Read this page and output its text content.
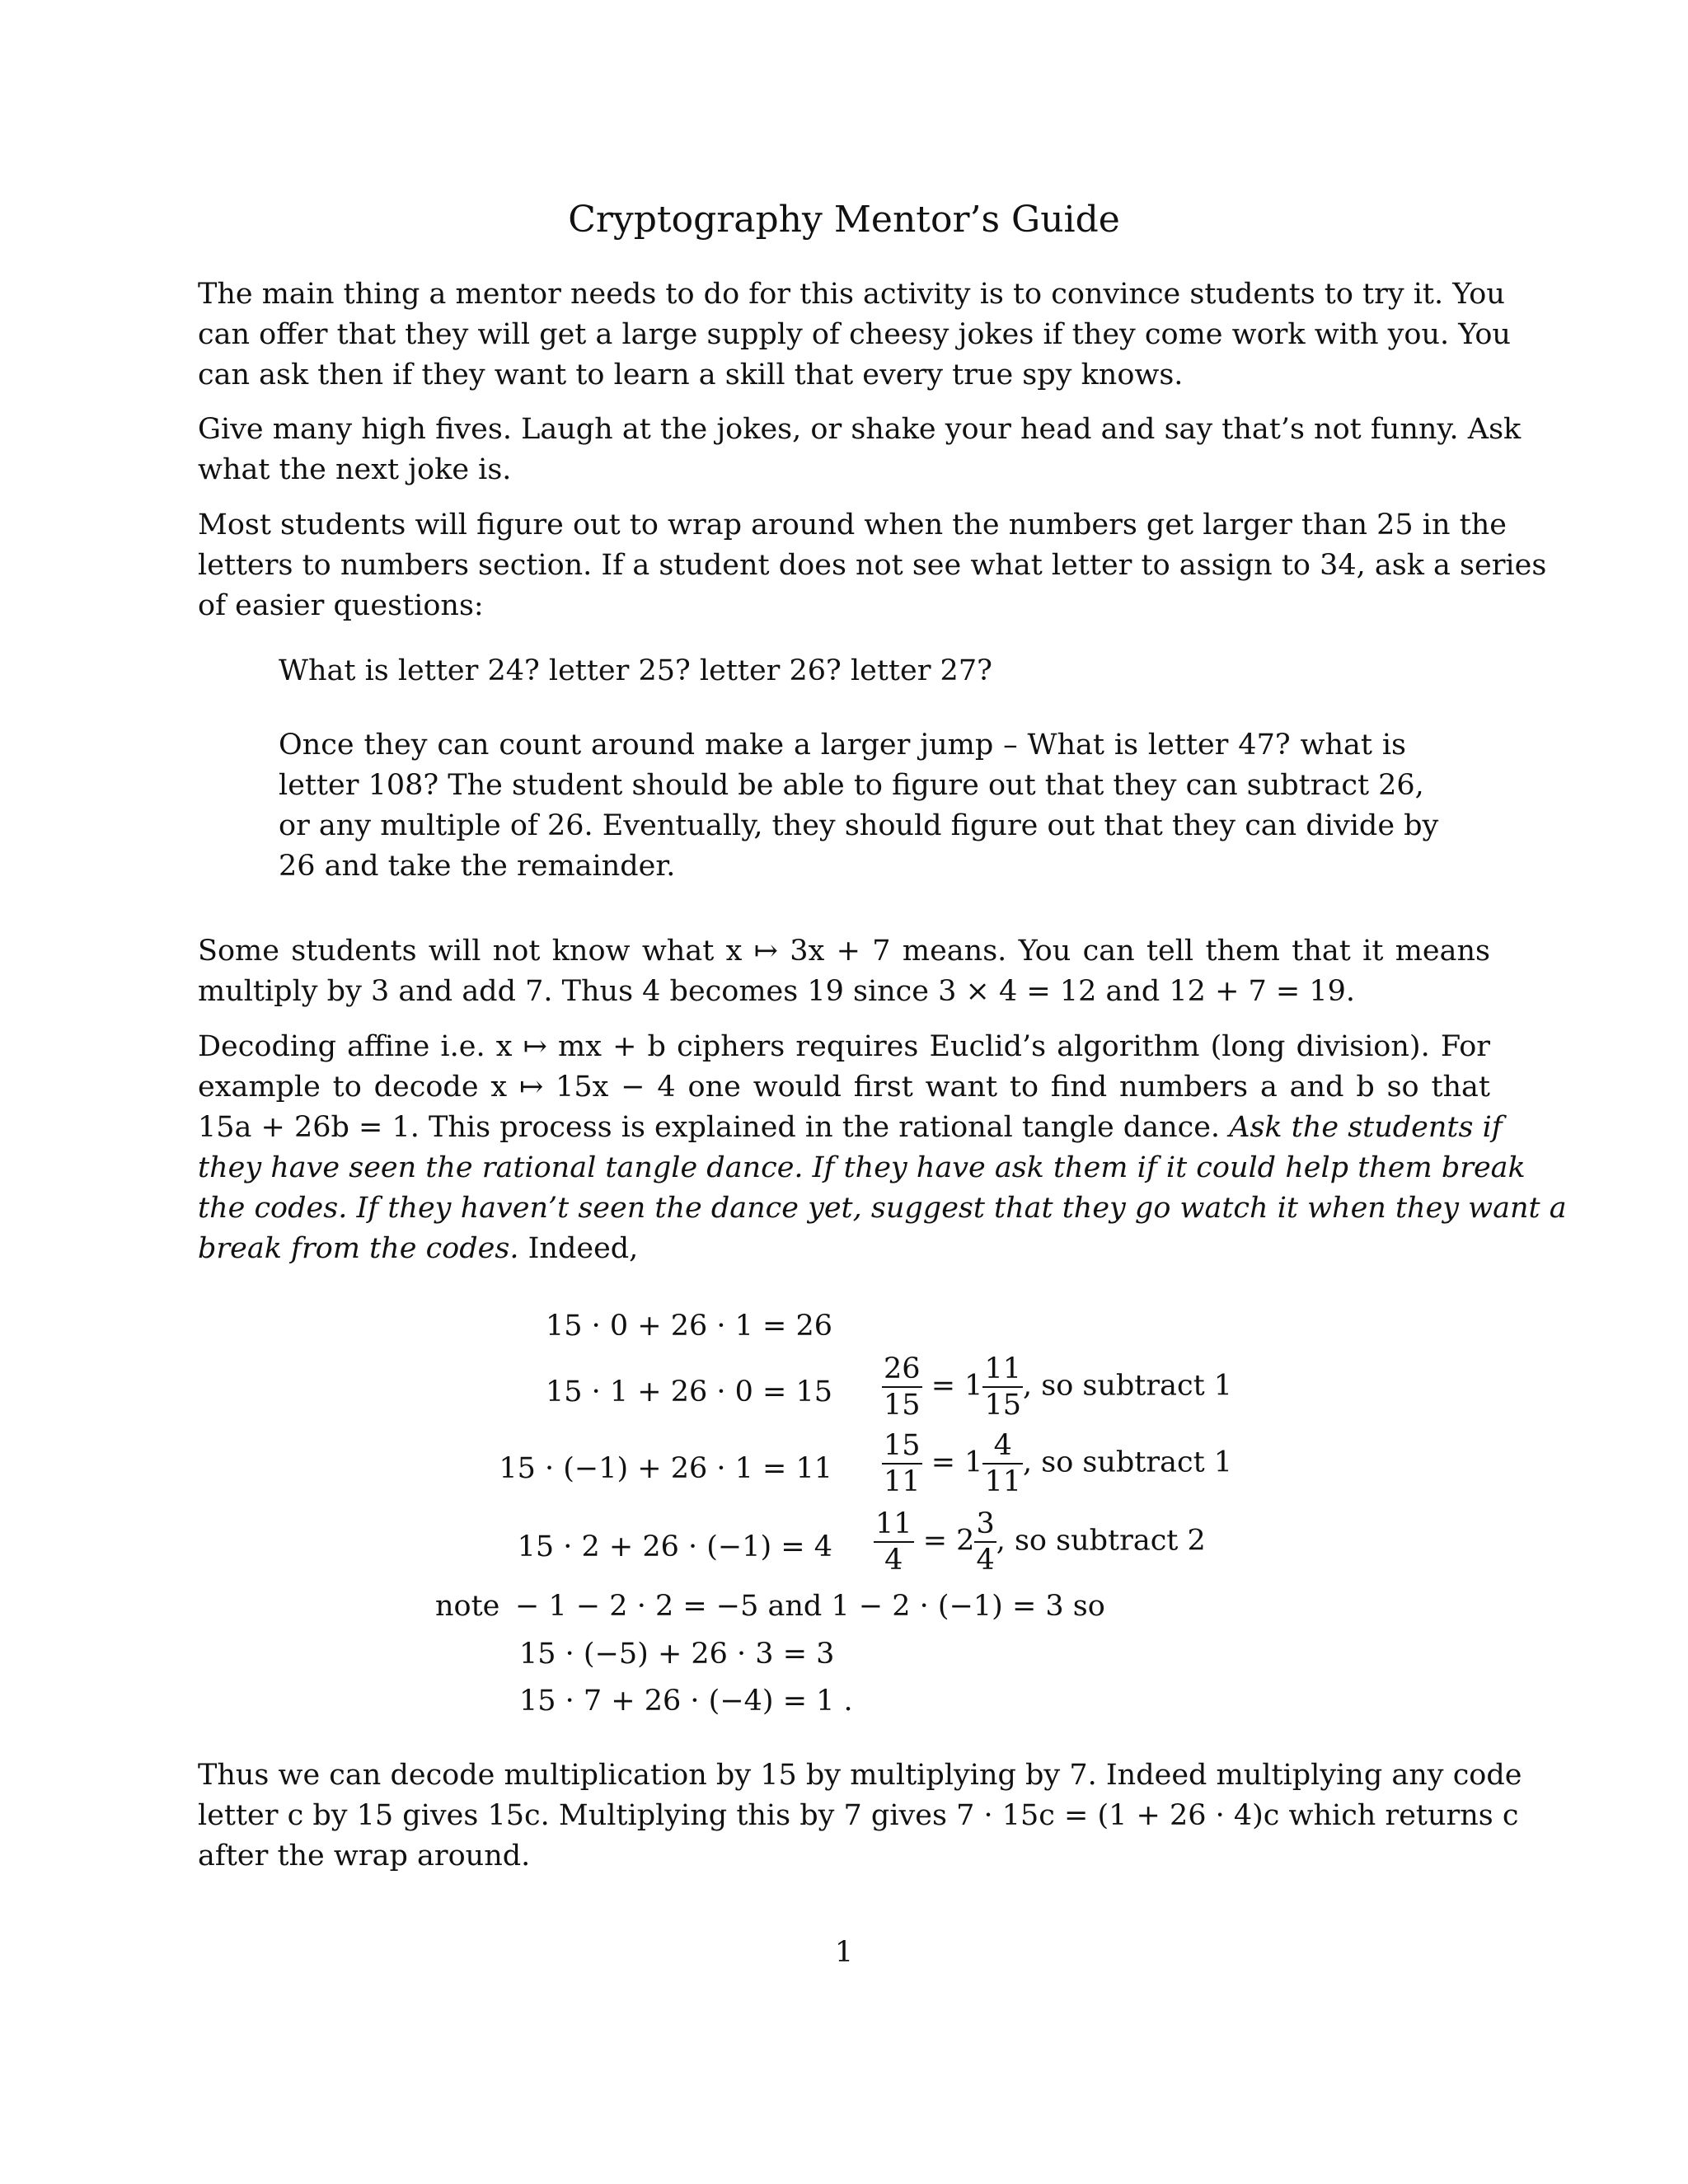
Cryptography Mentor’s Guide
The main thing a mentor needs to do for this activity is to convince students to try it. You
can offer that they will get a large supply of cheesy jokes if they come work with you. You
can ask then if they want to learn a skill that every true spy knows.
Give many high fives. Laugh at the jokes, or shake your head and say that’s not funny. Ask
what the next joke is.
Most students will figure out to wrap around when the numbers get larger than 25 in the
letters to numbers section. If a student does not see what letter to assign to 34, ask a series
of easier questions:
What is letter 24? letter 25? letter 26? letter 27?
Once they can count around make a larger jump – What is letter 47? what is
letter 108? The student should be able to figure out that they can subtract 26,
or any multiple of 26. Eventually, they should figure out that they can divide by
26 and take the remainder.
Some students will not know what x ↦ 3x + 7 means. You can tell them that it means
multiply by 3 and add 7. Thus 4 becomes 19 since 3 × 4 = 12 and 12 + 7 = 19.
Decoding affine i.e. x ↦ mx + b ciphers requires Euclid’s algorithm (long division). For
example to decode x ↦ 15x − 4 one would first want to find numbers a and b so that
15a + 26b = 1. This process is explained in the rational tangle dance. Ask the students if
they have seen the rational tangle dance. If they have ask them if it could help them break
the codes. If they haven’t seen the dance yet, suggest that they go watch it when they want a
break from the codes. Indeed,
15 · 0 + 26 · 1 = 26
$15 \cdot 1 + 26 \cdot 0 = 15 \frac{26}{15} = 1 \frac{11}{15}$ , so subtract 1
$15 \cdot (-1) + 26 \cdot 1 = 11 \frac{15}{11} = 1 \frac{4}{11}$ , so subtract 1
$15 \cdot 2 + 26 \cdot (-1) = 4 \frac{11}{4} = 2 \frac{3}{4}$ , so subtract 2
note − 1 − 2 · 2 = −5 and 1 − 2 · (−1) = 3 so
15 · (−5) + 26 · 3 = 3
15 · 7 + 26 · (−4) = 1 .
Thus we can decode multiplication by 15 by multiplying by 7. Indeed multiplying any code
letter c by 15 gives 15c. Multiplying this by 7 gives 7 · 15c = (1 + 26 · 4)c which returns c
after the wrap around.
1
